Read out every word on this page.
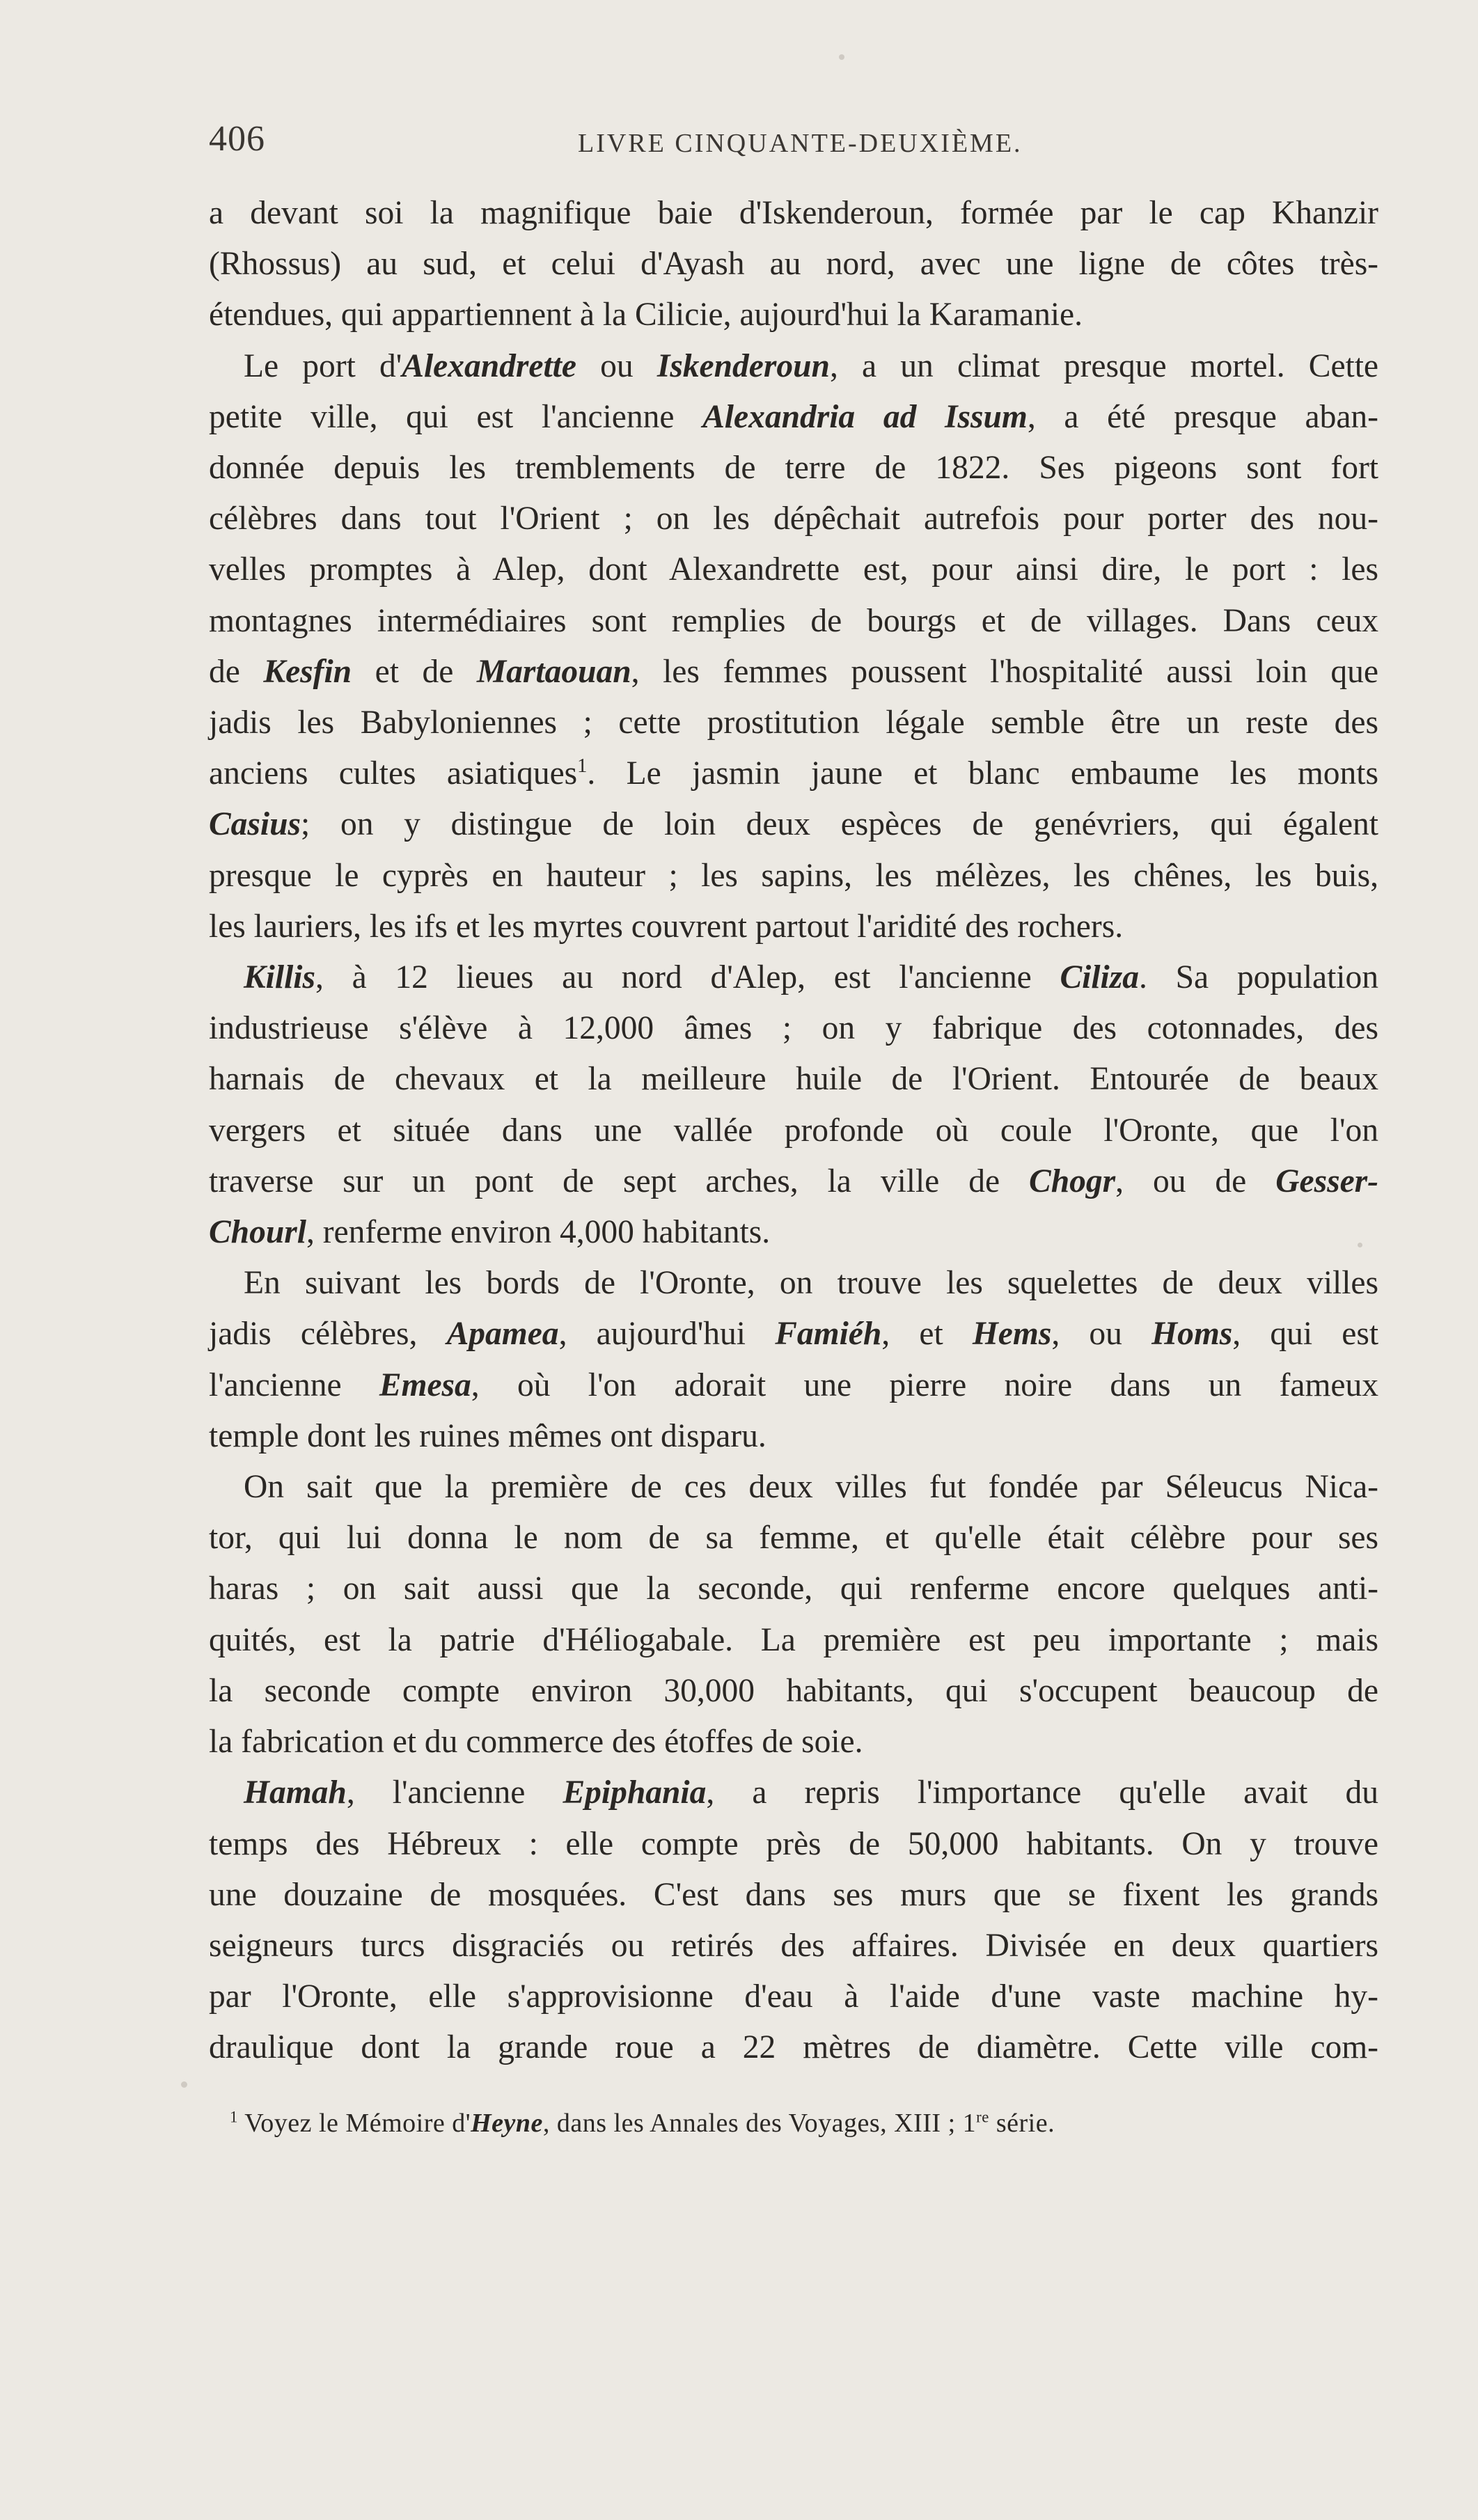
406	LIVRE CINQUANTE-DEUXIÈME.

a devant soi la magnifique baie d'Iskenderoun, formée par le cap Khanzir
(Rhossus) au sud, et celui d'Ayash au nord, avec une ligne de côtes très-
étendues, qui appartiennent à la Cilicie, aujourd'hui la Karamanie.

Le port d'Alexandrette ou Iskenderoun, a un climat presque mortel. Cette
petite ville, qui est l'ancienne Alexandria ad Issum, a été presque aban-
donnée depuis les tremblements de terre de 1822. Ses pigeons sont fort
célèbres dans tout l'Orient ; on les dépêchait autrefois pour porter des nou-
velles promptes à Alep, dont Alexandrette est, pour ainsi dire, le port : les
montagnes intermédiaires sont remplies de bourgs et de villages. Dans ceux
de Kesfin et de Martaouan, les femmes poussent l'hospitalité aussi loin que
jadis les Babyloniennes ; cette prostitution légale semble être un reste des
anciens cultes asiatiques$^1$. Le jasmin jaune et blanc embaume les monts
Casius; on y distingue de loin deux espèces de genévriers, qui égalent
presque le cyprès en hauteur ; les sapins, les mélèzes, les chênes, les buis,
les lauriers, les ifs et les myrtes couvrent partout l'aridité des rochers.

Killis, à 12 lieues au nord d'Alep, est l'ancienne Ciliza. Sa population
industrieuse s'élève à 12,000 âmes ; on y fabrique des cotonnades, des
harnais de chevaux et la meilleure huile de l'Orient. Entourée de beaux
vergers et située dans une vallée profonde où coule l'Oronte, que l'on
traverse sur un pont de sept arches, la ville de Chogr, ou de Gesser-
Chourl, renferme environ 4,000 habitants.

En suivant les bords de l'Oronte, on trouve les squelettes de deux villes
jadis célèbres, Apamea, aujourd'hui Famiéh, et Hems, ou Homs, qui est
l'ancienne Emesa, où l'on adorait une pierre noire dans un fameux
temple dont les ruines mêmes ont disparu.

On sait que la première de ces deux villes fut fondée par Séleucus Nica-
tor, qui lui donna le nom de sa femme, et qu'elle était célèbre pour ses
haras ; on sait aussi que la seconde, qui renferme encore quelques anti-
quités, est la patrie d'Héliogabale. La première est peu importante ; mais
la seconde compte environ 30,000 habitants, qui s'occupent beaucoup de
la fabrication et du commerce des étoffes de soie.

Hamah, l'ancienne Epiphania, a repris l'importance qu'elle avait du
temps des Hébreux : elle compte près de 50,000 habitants. On y trouve
une douzaine de mosquées. C'est dans ses murs que se fixent les grands
seigneurs turcs disgraciés ou retirés des affaires. Divisée en deux quartiers
par l'Oronte, elle s'approvisionne d'eau à l'aide d'une vaste machine hy-
draulique dont la grande roue a 22 mètres de diamètre. Cette ville com-

$^1$ Voyez le Mémoire d'Heyne, dans les Annales des Voyages, XIII ; 1re série.
